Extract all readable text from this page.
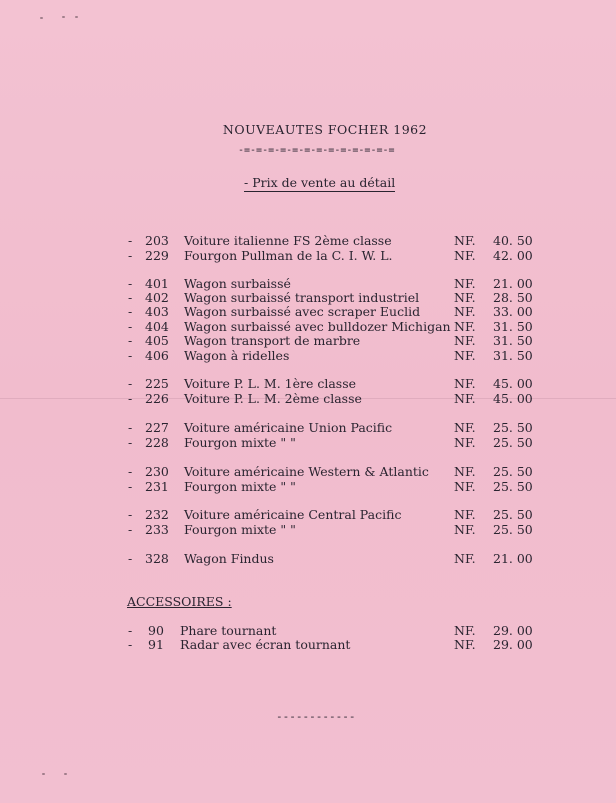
NOUVEAUTES FOCHER 1962
-=-=-=-=-=-=-=-=-=-=-=-=-=
- Prix de vente au détail
- 203 Voiture italienne FS 2ème classe	NF. 40. 50
- 229 Fourgon Pullman de la C. I. W. L.	NF. 42. 00
- 401 Wagon surbaissé	NF. 21. 00
- 402 Wagon surbaissé transport industriel	NF. 28. 50
- 403 Wagon surbaissé avec scraper Euclid	NF. 33. 00
- 404 Wagon surbaissé avec bulldozer Michigan NF. 31. 50
- 405 Wagon transport de marbre	NF. 31. 50
- 406 Wagon à ridelles	NF. 31. 50
- 225 Voiture P. L. M. 1ère classe	NF. 45. 00
- 226 Voiture P. L. M. 2ème classe	NF. 45. 00
- 227 Voiture américaine Union Pacific	NF. 25. 50
- 228 Fourgon mixte " "	NF. 25. 50
- 230 Voiture américaine Western & Atlantic NF. 25. 50
- 231 Fourgon mixte " "	NF. 25. 50
- 232 Voiture américaine Central Pacific	NF. 25. 50
- 233 Fourgon mixte " "	NF. 25. 50
- 328 Wagon Findus	NF. 21. 00
ACCESSOIRES :
- 90 Phare tournant	NF. 29. 00
- 91 Radar avec écran tournant	NF. 29. 00
------------
